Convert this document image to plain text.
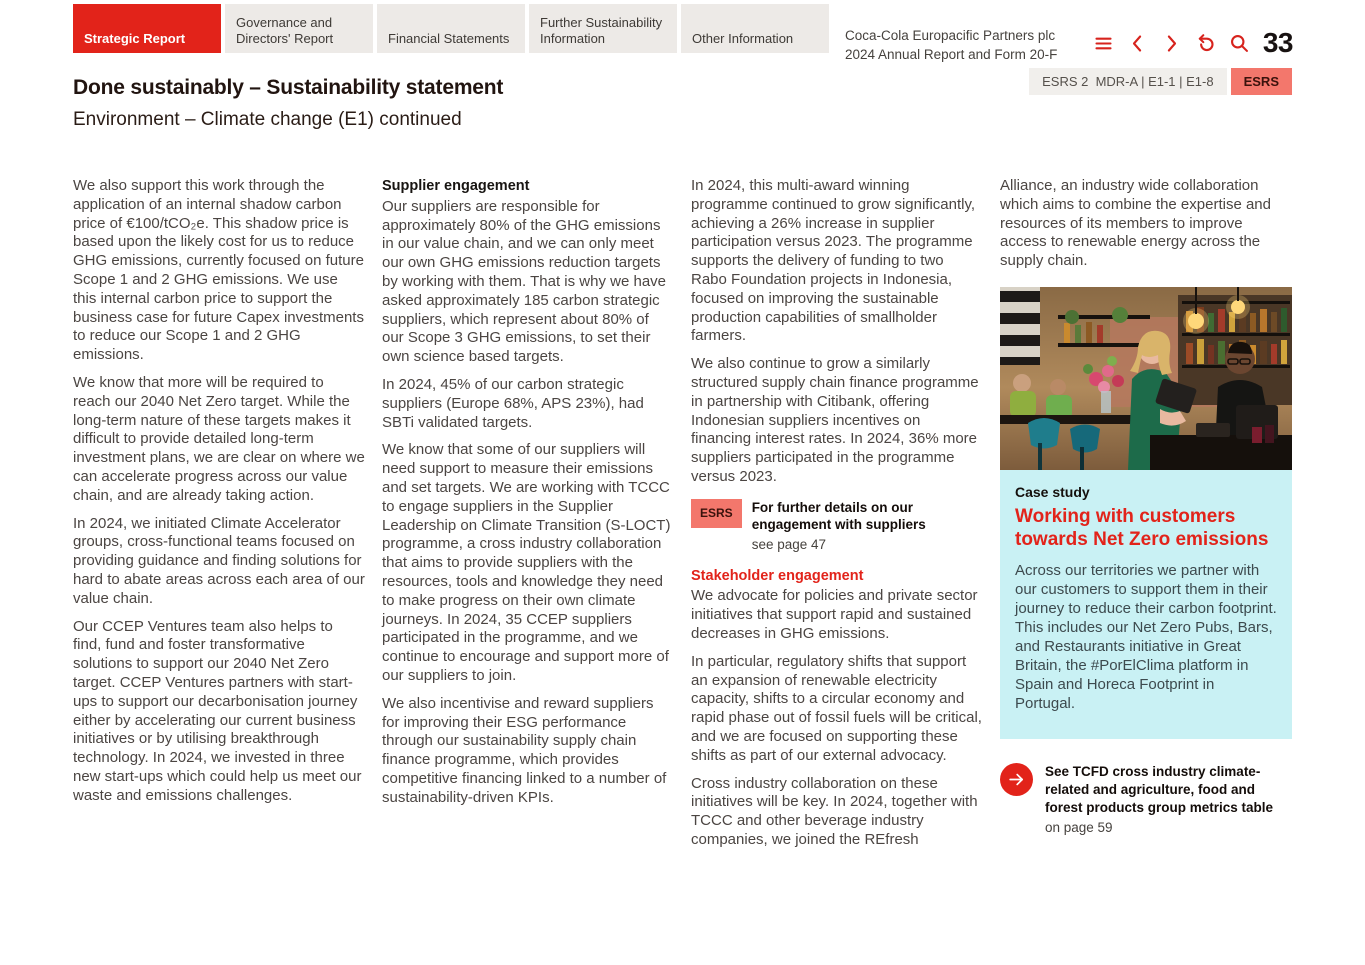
Strategic Report
Governance and Directors' Report	Financial Statements
Further Sustainability Information	Other Information	Coca-Cola Europacific Partners plc
2024 Annual Report and Form 20-F	33
ESRS 2  MDR-A | E1-1 | E1-8	ESRS
Done sustainably – Sustainability statement
Environment – Climate change (E1) continued

We also support this work through the application of an internal shadow carbon price of €100/tCO₂e. This shadow price is based upon the likely cost for us to reduce GHG emissions, currently focused on future Scope 1 and 2 GHG emissions. We use this internal carbon price to support the business case for future Capex investments to reduce our Scope 1 and 2 GHG emissions.

We know that more will be required to reach our 2040 Net Zero target. While the long-term nature of these targets makes it difficult to provide detailed long-term investment plans, we are clear on where we can accelerate progress across our value chain, and are already taking action.

In 2024, we initiated Climate Accelerator groups, cross-functional teams focused on providing guidance and finding solutions for hard to abate areas across each area of our value chain.

Our CCEP Ventures team also helps to find, fund and foster transformative solutions to support our 2040 Net Zero target. CCEP Ventures partners with start-ups to support our decarbonisation journey either by accelerating our current business initiatives or by utilising breakthrough technology. In 2024, we invested in three new start-ups which could help us meet our waste and emissions challenges.

Supplier engagement

Our suppliers are responsible for approximately 80% of the GHG emissions in our value chain, and we can only meet our own GHG emissions reduction targets by working with them. That is why we have asked approximately 185 carbon strategic suppliers, which represent about 80% of our Scope 3 GHG emissions, to set their own science based targets.

In 2024, 45% of our carbon strategic suppliers (Europe 68%, APS 23%), had SBTi validated targets.

We know that some of our suppliers will need support to measure their emissions and set targets. We are working with TCCC to engage suppliers in the Supplier Leadership on Climate Transition (S-LOCT) programme, a cross industry collaboration that aims to provide suppliers with the resources, tools and knowledge they need to make progress on their own climate journeys. In 2024, 35 CCEP suppliers participated in the programme, and we continue to encourage and support more of our suppliers to join.

We also incentivise and reward suppliers for improving their ESG performance through our sustainability supply chain finance programme, which provides competitive financing linked to a number of sustainability-driven KPIs.

In 2024, this multi-award winning programme continued to grow significantly, achieving a 26% increase in supplier participation versus 2023. The programme supports the delivery of funding to two Rabo Foundation projects in Indonesia, focused on improving the sustainable production capabilities of smallholder farmers.

We also continue to grow a similarly structured supply chain finance programme in partnership with Citibank, offering Indonesian suppliers incentives on financing interest rates. In 2024, 36% more suppliers participated in the programme versus 2023.

ESRS	For further details on our engagement with suppliers
see page 47
Stakeholder engagement

We advocate for policies and private sector initiatives that support rapid and sustained decreases in GHG emissions.

In particular, regulatory shifts that support an expansion of renewable electricity capacity, shifts to a circular economy and rapid phase out of fossil fuels will be critical, and we are focused on supporting these shifts as part of our external advocacy.

Cross industry collaboration on these initiatives will be key. In 2024, together with TCCC and other beverage industry companies, we joined the REfresh

Alliance, an industry wide collaboration which aims to combine the expertise and resources of its members to improve access to renewable energy across the supply chain.

Case study
Working with customers towards Net Zero emissions

Across our territories we partner with our customers to support them in their journey to reduce their carbon footprint. This includes our Net Zero Pubs, Bars, and Restaurants initiative in Great Britain, the #PorElClima platform in Spain and Horeca Footprint in Portugal.

See TCFD cross industry climate-related and agriculture, food and forest products group metrics table
on page 59
